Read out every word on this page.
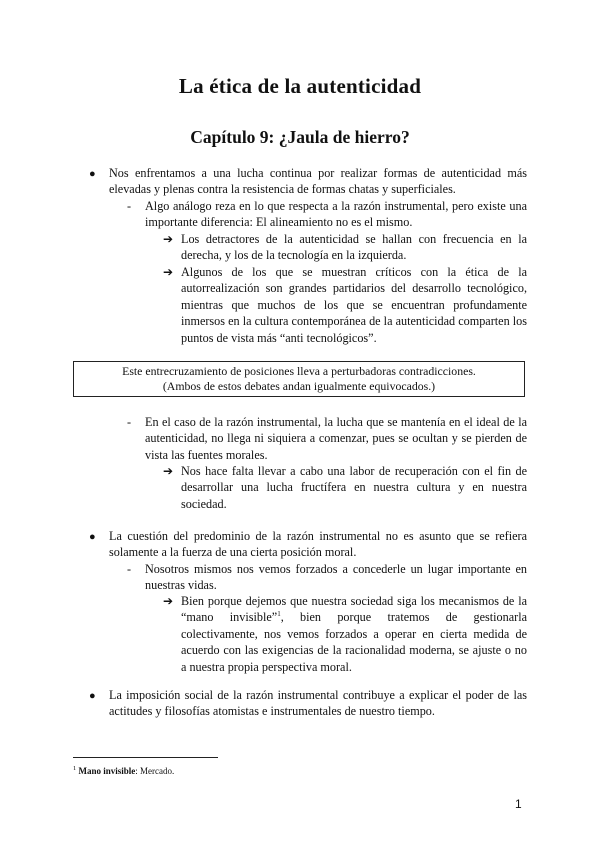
La ética de la autenticidad
Capítulo 9: ¿Jaula de hierro?
● Nos enfrentamos a una lucha continua por realizar formas de autenticidad más elevadas y plenas contra la resistencia de formas chatas y superficiales.

- Algo análogo reza en lo que respecta a la razón instrumental, pero existe una importante diferencia: El alineamiento no es el mismo.

➔ Los detractores de la autenticidad se hallan con frecuencia en la derecha, y los de la tecnología en la izquierda.

➔ Algunos de los que se muestran críticos con la ética de la autorrealización son grandes partidarios del desarrollo tecnológico, mientras que muchos de los que se encuentran profundamente inmersos en la cultura contemporánea de la autenticidad comparten los puntos de vista más “anti tecnológicos”.

Este entrecruzamiento de posiciones lleva a perturbadoras contradicciones.
(Ambos de estos debates andan igualmente equivocados.)
- En el caso de la razón instrumental, la lucha que se mantenía en el ideal de la autenticidad, no llega ni siquiera a comenzar, pues se ocultan y se pierden de vista las fuentes morales.

➔ Nos hace falta llevar a cabo una labor de recuperación con el fin de desarrollar una lucha fructífera en nuestra cultura y en nuestra sociedad.

● La cuestión del predominio de la razón instrumental no es asunto que se refiera solamente a la fuerza de una cierta posición moral.

- Nosotros mismos nos vemos forzados a concederle un lugar importante en nuestras vidas.

➔ Bien porque dejemos que nuestra sociedad siga los mecanismos de la “mano invisible”$^1$, bien porque tratemos de gestionarla colectivamente, nos vemos forzados a operar en cierta medida de acuerdo con las exigencias de la racionalidad moderna, se ajuste o no a nuestra propia perspectiva moral.

● La imposición social de la razón instrumental contribuye a explicar el poder de las actitudes y filosofías atomistas e instrumentales de nuestro tiempo.

$^1$ Mano invisible: Mercado.
1
